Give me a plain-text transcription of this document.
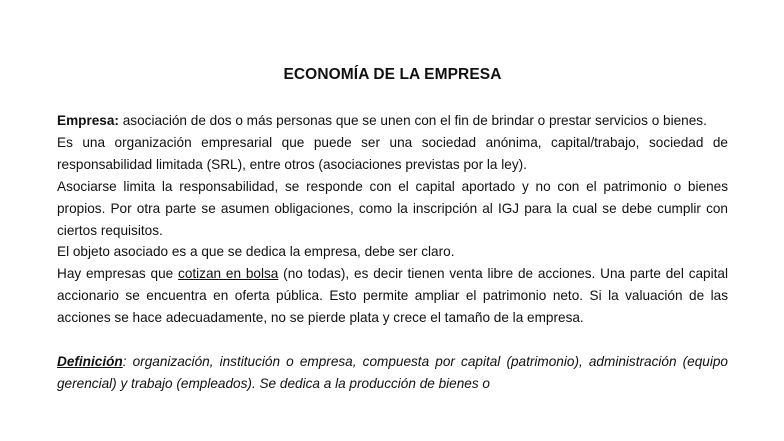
ECONOMÍA DE LA EMPRESA

Empresa: asociación de dos o más personas que se unen con el fin de brindar o prestar servicios o bienes.

Es una organización empresarial que puede ser una sociedad anónima, capital/trabajo, sociedad de responsabilidad limitada (SRL), entre otros (asociaciones previstas por la ley).

Asociarse limita la responsabilidad, se responde con el capital aportado y no con el patrimonio o bienes propios. Por otra parte se asumen obligaciones, como la inscripción al IGJ para la cual se debe cumplir con ciertos requisitos.

El objeto asociado es a que se dedica la empresa, debe ser claro.

Hay empresas que cotizan en bolsa (no todas), es decir tienen venta libre de acciones. Una parte del capital accionario se encuentra en oferta pública. Esto permite ampliar el patrimonio neto. Si la valuación de las acciones se hace adecuadamente, no se pierde plata y crece el tamaño de la empresa.

Definición: organización, institución o empresa, compuesta por capital (patrimonio), administración (equipo gerencial) y trabajo (empleados). Se dedica a la producción de bienes o
